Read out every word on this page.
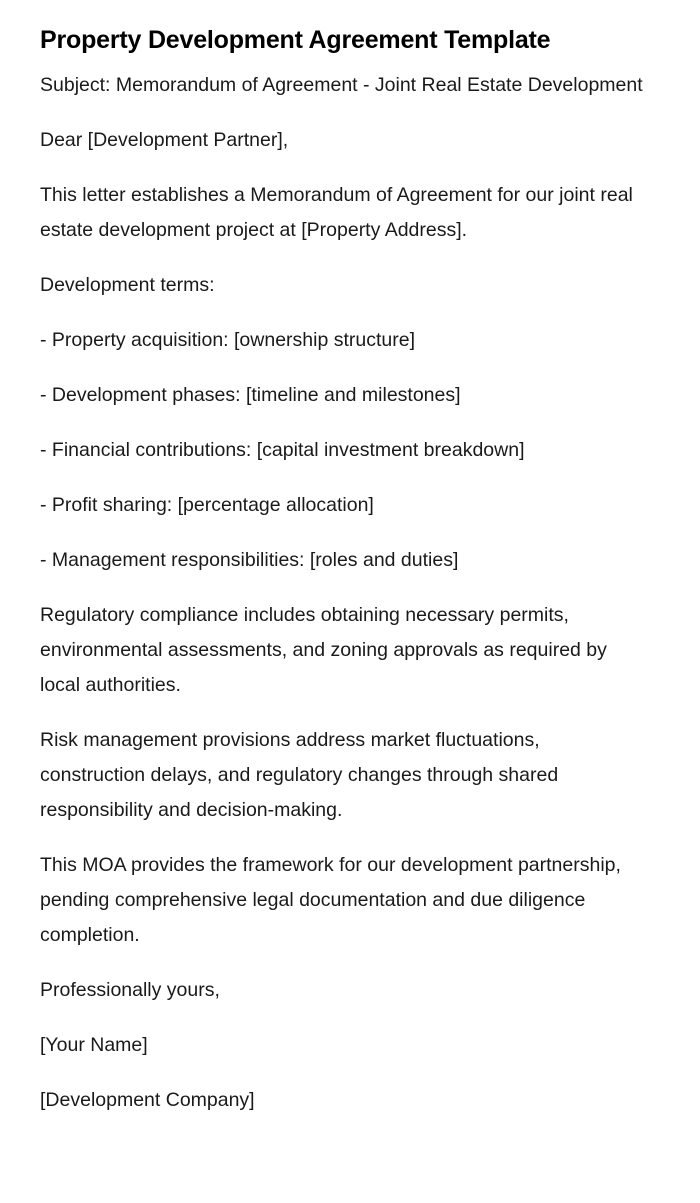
Property Development Agreement Template

Subject: Memorandum of Agreement - Joint Real Estate Development

Dear [Development Partner],

This letter establishes a Memorandum of Agreement for our joint real estate development project at [Property Address].

Development terms:

- Property acquisition: [ownership structure]

- Development phases: [timeline and milestones]

- Financial contributions: [capital investment breakdown]

- Profit sharing: [percentage allocation]

- Management responsibilities: [roles and duties]

Regulatory compliance includes obtaining necessary permits, environmental assessments, and zoning approvals as required by local authorities.

Risk management provisions address market fluctuations, construction delays, and regulatory changes through shared responsibility and decision-making.

This MOA provides the framework for our development partnership, pending comprehensive legal documentation and due diligence completion.

Professionally yours,

[Your Name]

[Development Company]
